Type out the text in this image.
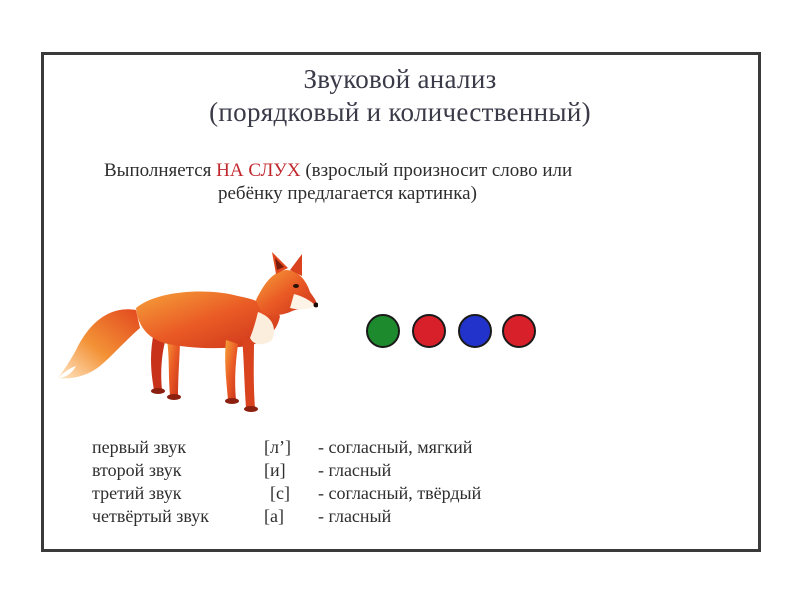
Звуковой анализ
(порядковый и количественный)
Выполняется НА СЛУХ (взрослый произносит слово или
ребёнку предлагается картинка)
первый звук	[л’] - согласный, мягкий
второй звук	[и] - гласный
третий звук	[с] - согласный, твёрдый
четвёртый звук	[а] - гласный
